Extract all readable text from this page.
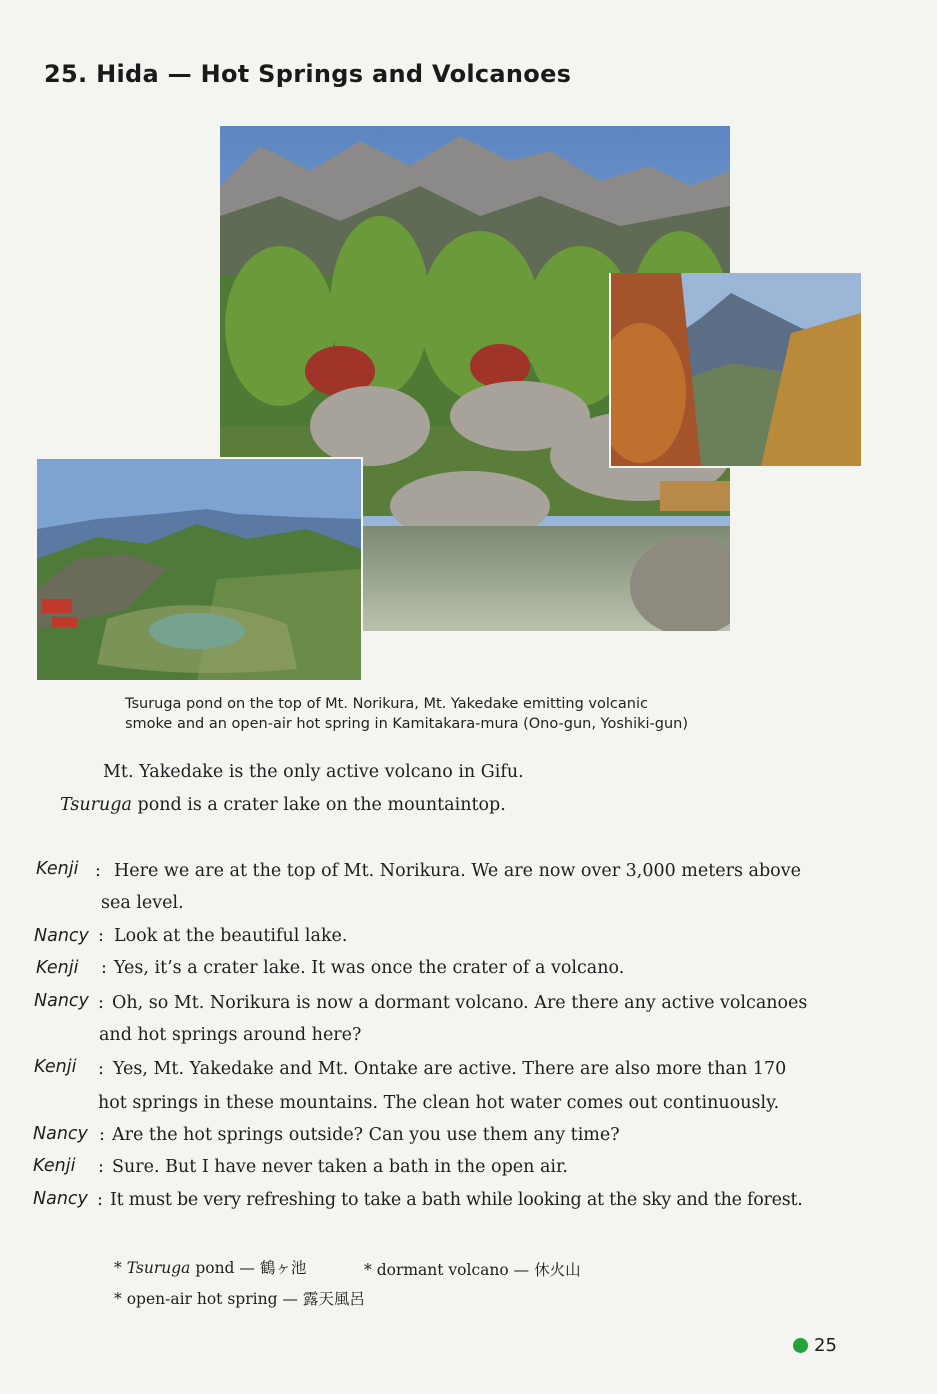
25. Hida — Hot Springs and Volcanoes
Tsuruga pond on the top of Mt. Norikura, Mt. Yakedake emitting volcanic
smoke and an open-air hot spring in Kamitakara-mura (Ono-gun, Yoshiki-gun)
Mt. Yakedake is the only active volcano in Gifu.
Tsuruga pond is a crater lake on the mountaintop.
Kenji : Here we are at the top of Mt. Norikura. We are now over 3,000 meters above
sea level.
Nancy : Look at the beautiful lake.
Kenji : Yes, it’s a crater lake. It was once the crater of a volcano.
Nancy : Oh, so Mt. Norikura is now a dormant volcano. Are there any active volcanoes
and hot springs around here?
Kenji : Yes, Mt. Yakedake and Mt. Ontake are active. There are also more than 170
hot springs in these mountains. The clean hot water comes out continuously.
Nancy : Are the hot springs outside? Can you use them any time?
Kenji : Sure. But I have never taken a bath in the open air.
Nancy : It must be very refreshing to take a bath while looking at the sky and the forest.
* Tsuruga pond — 鶴ヶ池	* dormant volcano — 休火山
* open-air hot spring — 露天風呂
25
